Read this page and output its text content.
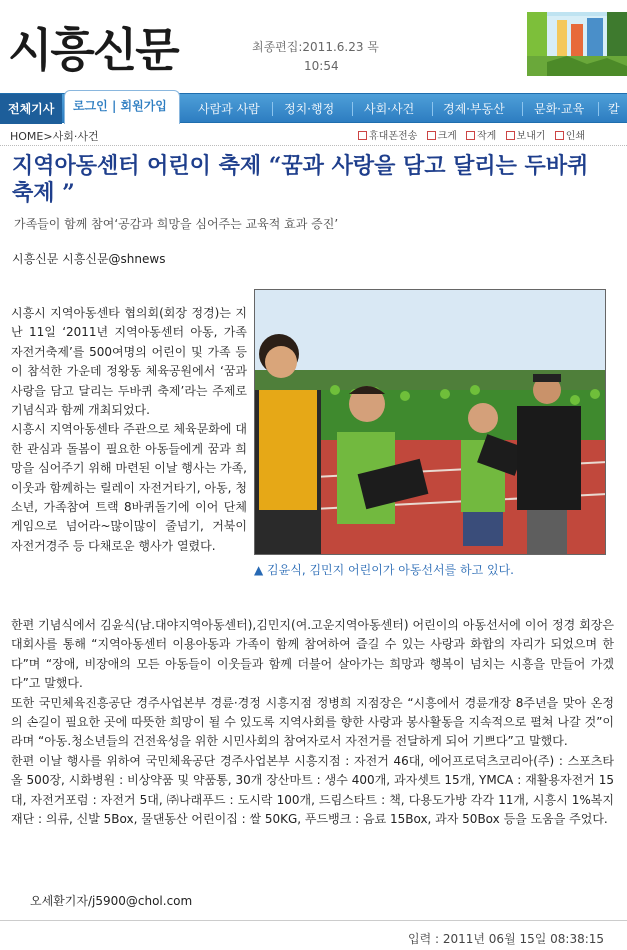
시흥신문	최종편집:2011.6.23 목
10:54
전체기사	로그인 | 회원가입	사람과 사람 정치·행정 사회·사건 경제·부동산 문화·교육 칼럼
HOME>사회·사건	휴대폰전송 크게 작게 보내기 인쇄
지역아동센터 어린이 축제 “꿈과 사랑을 담고 달리는 두바퀴 축제 ”
가족들이 함께 참여‘공감과 희망을 심어주는 교육적 효과 증진’
시흥신문 시흥신문@shnews

시흥시 지역아동센타 협의회(회장 정경)는 지난 11일 ‘2011년 지역아동센터 아동, 가족 자전거축제’를 500여명의 어린이 및 가족 등이 참석한 가운데 정왕동 체육공원에서 ‘꿈과 사랑을 담고 달리는 두바퀴 축제’라는 주제로 기념식과 함께 개최되었다.

시흥시 지역아동센타 주관으로 체육문화에 대한 관심과 돌봄이 필요한 아동들에게 꿈과 희망을 심어주기 위해 마련된 이날 행사는 가족, 이웃과 함께하는 릴레이 자전거타기, 아동, 청소년, 가족참여 트랙 8바퀴돌기에 이어 단체게임으로 넘어라~많이많이 줄넘기, 거북이 자전거경주 등 다채로운 행사가 열렸다.

▲ 김윤식, 김민지 어린이가 아동선서를 하고 있다.

한편 기념식에서 김윤식(남.대야지역아동센터),김민지(여.고운지역아동센터) 어린이의 아동선서에 이어 정경 회장은 대회사를 통해 “지역아동센터 이용아동과 가족이 함께 참여하여 즐길 수 있는 사랑과 화합의 자리가 되었으며 한다”며 “장애, 비장애의 모든 아동들이 이웃들과 함께 더불어 살아가는 희망과 행복이 넘치는 시흥을 만들어 가겠다”고 말했다.

또한 국민체육진흥공단 경주사업본부 경륜·경정 시흥지점 정병희 지점장은 “시흥에서 경륜개장 8주년을 맞아 온정의 손길이 필요한 곳에 따뜻한 희망이 될 수 있도록 지역사회를 향한 사랑과 봉사활동을 지속적으로 펼쳐 나갈 것”이라며 “아동.청소년들의 건전육성을 위한 시민사회의 참여자로서 자전거를 전달하게 되어 기쁘다”고 말했다.

한편 이날 행사를 위하여 국민체육공단 경주사업본부 시흥지점 : 자전거 46대, 에어프로덕츠코리아(주) : 스포츠타올 500장, 시화병원 : 비상약품 및 약품통, 30개 장산마트 : 생수 400개, 과자셋트 15개, YMCA : 재활용자전거 15대, 자전거포럼 : 자전거 5대, ㈜나래푸드 : 도시락 100개, 드림스타트 : 책, 다용도가방 각각 11개, 시흥시 1%복지재단 : 의류, 신발 5Box, 물댄동산 어린이집 : 쌀 50KG, 푸드뱅크 : 음료 15Box, 과자 50Box 등을 도움을 주었다.

오세환기자/j5900@chol.com
입력 : 2011년 06월 15일 08:38:15
